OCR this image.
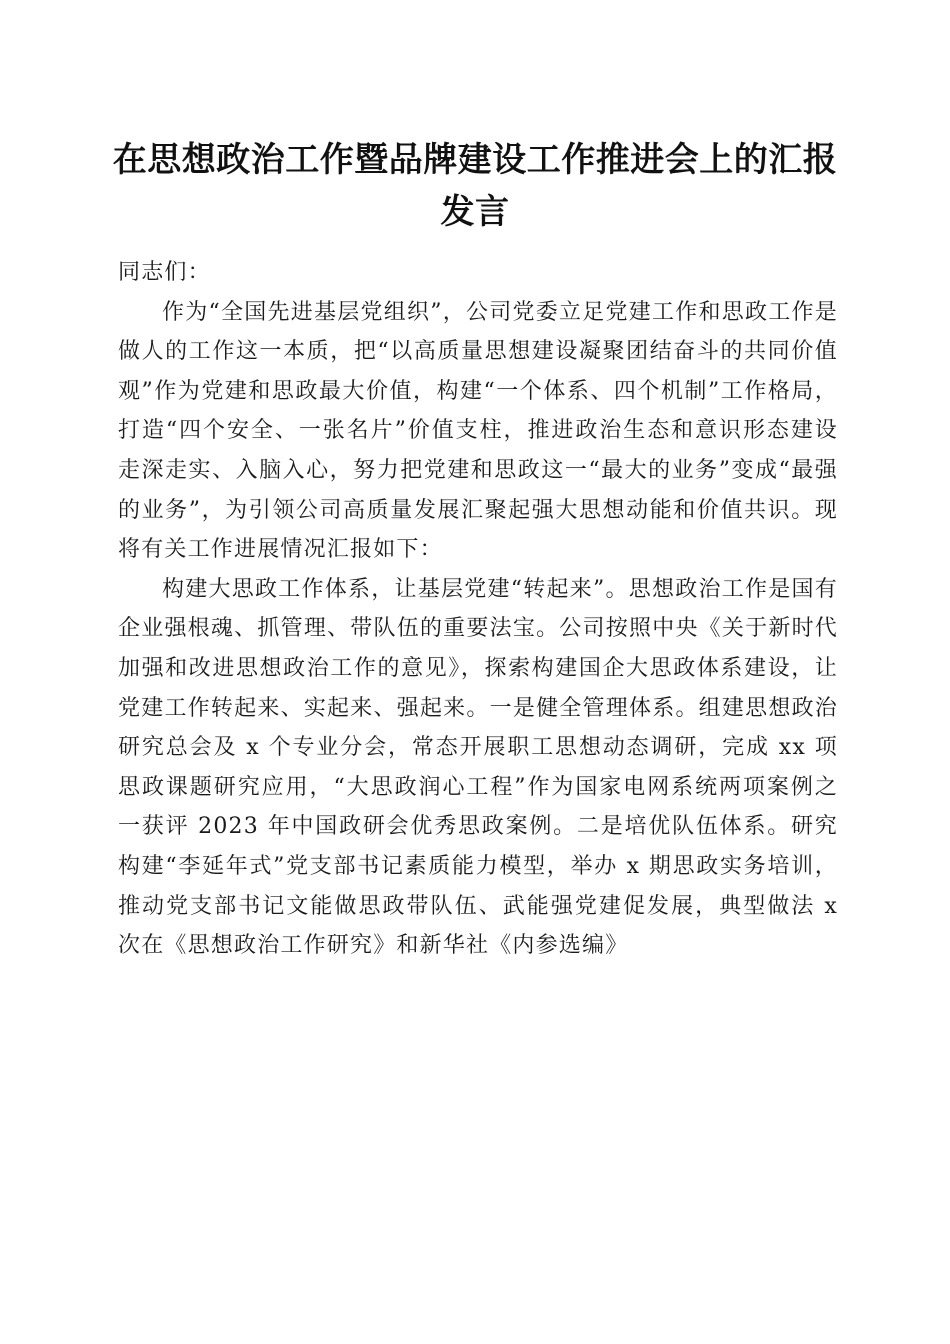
在思想政治工作暨品牌建设工作推进会上的汇报发言

同志们：

作为“全国先进基层党组织”，公司党委立足党建工作和思政工作是做人的工作这一本质，把“以高质量思想建设凝聚团结奋斗的共同价值观”作为党建和思政最大价值，构建“一个体系、四个机制”工作格局，打造“四个安全、一张名片”价值支柱，推进政治生态和意识形态建设走深走实、入脑入心，努力把党建和思政这一“最大的业务”变成“最强的业务”，为引领公司高质量发展汇聚起强大思想动能和价值共识。现将有关工作进展情况汇报如下：

构建大思政工作体系，让基层党建“转起来”。思想政治工作是国有企业强根魂、抓管理、带队伍的重要法宝。公司按照中央《关于新时代加强和改进思想政治工作的意见》，探索构建国企大思政体系建设，让党建工作转起来、实起来、强起来。一是健全管理体系。组建思想政治研究总会及 x 个专业分会，常态开展职工思想动态调研，完成 xx 项思政课题研究应用，“大思政润心工程”作为国家电网系统两项案例之一获评 2023 年中国政研会优秀思政案例。二是培优队伍体系。研究构建“李延年式”党支部书记素质能力模型，举办 x 期思政实务培训，推动党支部书记文能做思政带队伍、武能强党建促发展，典型做法 x 次在《思想政治工作研究》和新华社《内参选编》
